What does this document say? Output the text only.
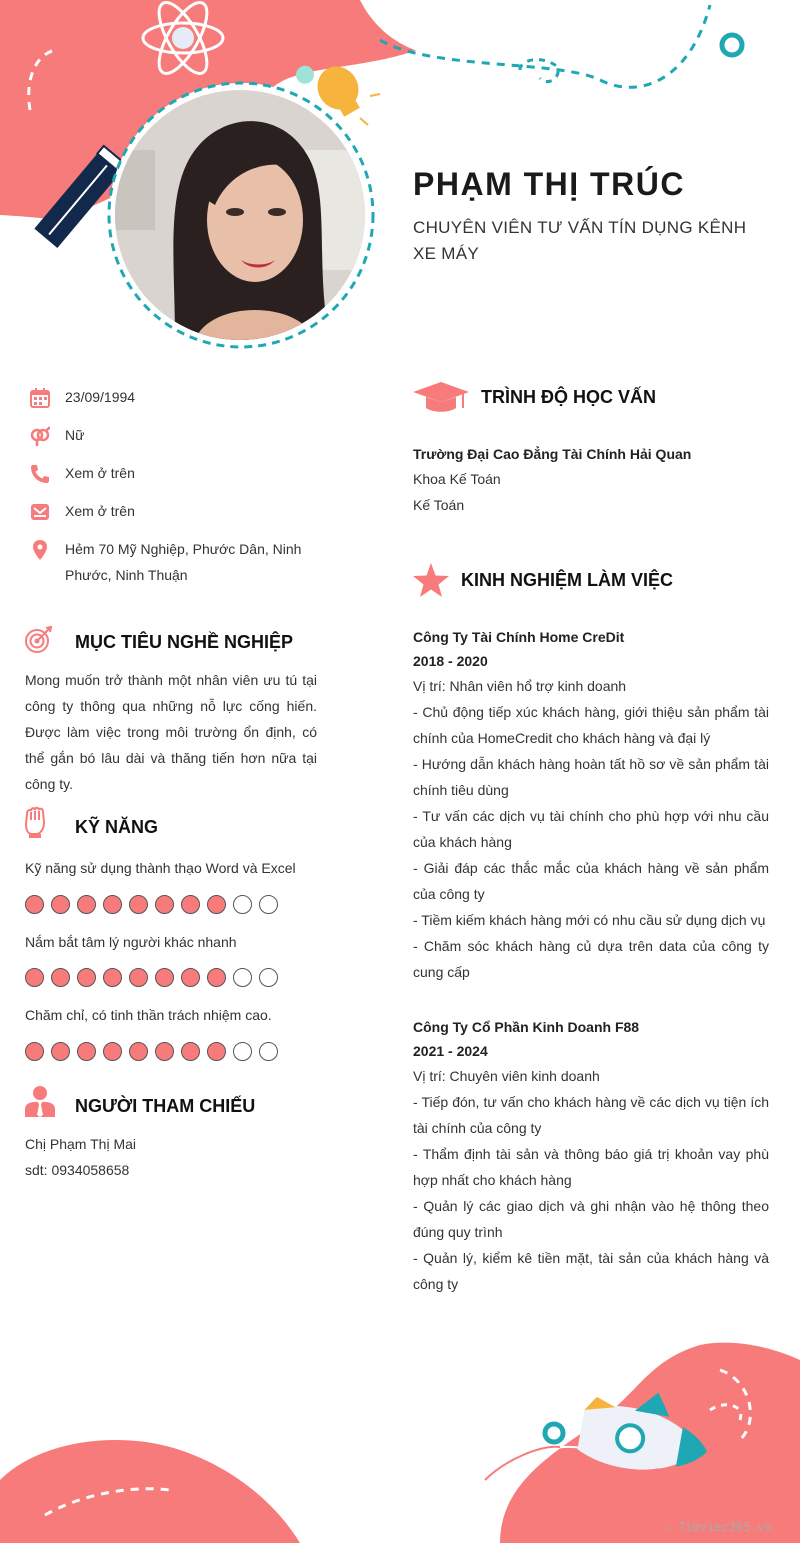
PHẠM THỊ TRÚC
CHUYÊN VIÊN TƯ VẤN TÍN DỤNG KÊNH XE MÁY
23/09/1994
Nữ
Xem ở trên
Xem ở trên
Hẻm 70 Mỹ Nghiệp, Phước Dân, Ninh Phước, Ninh Thuận
MỤC TIÊU NGHỀ NGHIỆP
Mong muốn trở thành một nhân viên ưu tú tại công ty thông qua những nỗ lực cống hiến. Được làm việc trong môi trường ổn định, có thể gắn bó lâu dài và thăng tiến hơn nữa tại công ty.
KỸ NĂNG
Kỹ năng sử dụng thành thạo Word và Excel
Nắm bắt tâm lý người khác nhanh
Chăm chỉ, có tinh thần trách nhiệm cao.
NGƯỜI THAM CHIẾU
Chị Phạm Thị Mai
sdt: 0934058658
TRÌNH ĐỘ HỌC VẤN
Trường Đại Cao Đẳng Tài Chính Hải Quan
Khoa Kế Toán
Kế Toán
KINH NGHIỆM LÀM VIỆC

Công Ty Tài Chính Home CreDit

2018 - 2020

Vị trí: Nhân viên hổ trợ kinh doanh

- Chủ động tiếp xúc khách hàng, giới thiệu sản phẩm tài chính của HomeCredit cho khách hàng và đại lý

- Hướng dẫn khách hàng hoàn tất hồ sơ về sản phẩm tài chính tiêu dùng

- Tư vấn các dịch vụ tài chính cho phù hợp với nhu cầu của khách hàng

- Giải đáp các thắc mắc của khách hàng về sản phẩm của công ty

- Tiềm kiếm khách hàng mới có nhu cầu sử dụng dịch vụ

- Chăm sóc khách hàng củ dựa trên data của công ty cung cấp

Công Ty Cổ Phần Kinh Doanh F88

2021 - 2024

Vị trí: Chuyên viên kinh doanh

- Tiếp đón, tư vấn cho khách hàng về các dịch vụ tiện ích tài chính của công ty

- Thẩm định tài sản và thông báo giá trị khoản vay phù hợp nhất cho khách hàng

- Quản lý các giao dịch và ghi nhận vào hệ thông theo đúng quy trình

- Quản lý, kiểm kê tiền mặt, tài sản của khách hàng và công ty

∴ Timviec365.vn
